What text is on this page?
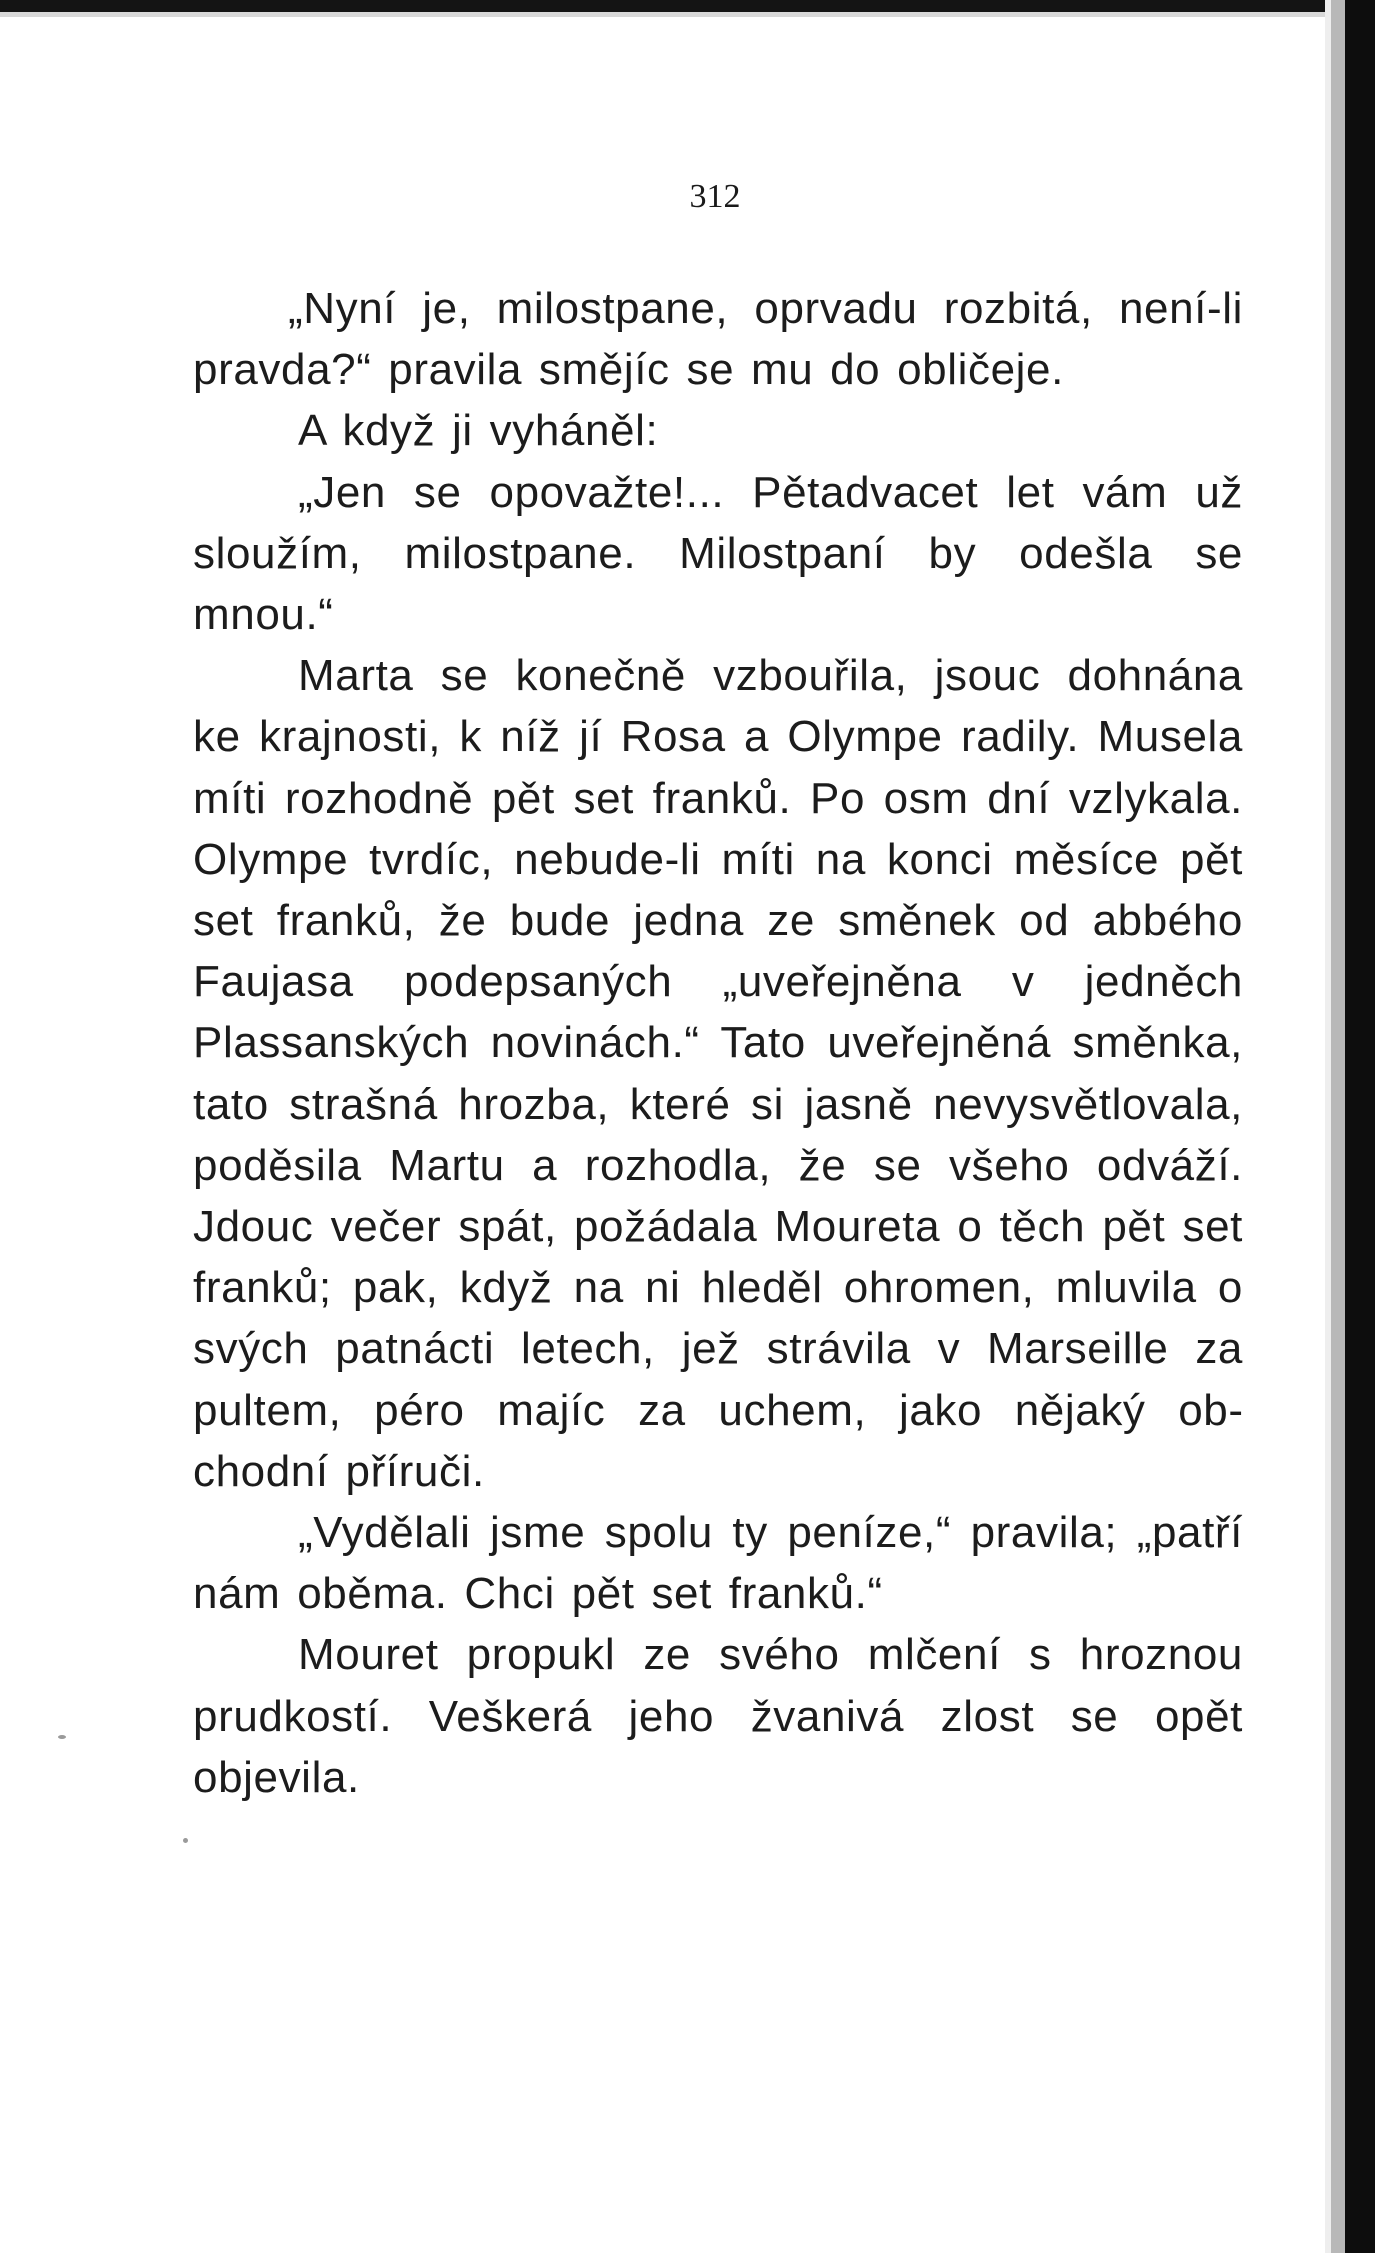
312

„Nyní je, milostpane, oprvadu rozbitá, není-li pravda?“ pravila smějíc se mu do obličeje.

A když ji vyháněl:

„Jen se opovažte!... Pětadvacet let vám už sloužím, milostpane. Milostpaní by odešla se mnou.“

Marta se konečně vzbouřila, jsouc dohnána ke krajnosti, k níž jí Rosa a Olympe radily. Musela míti rozhodně pět set franků. Po osm dní vzlykala. Olympe tvrdíc, nebude-li míti na konci měsíce pět set franků, že bude jedna ze směnek od abbého Faujasa podepsaných „uveřejněna v jedněch Plassanských novinách.“ Tato uveřejněná směnka, tato strašná hrozba, které si jasně nevysvětlovala, poděsila Martu a rozhodla, že se všeho odváží. Jdouc večer spát, požádala Moureta o těch pět set franků; pak, když na ni hleděl ohromen, mluvila o svých patnácti letech, jež strávila v Marseille za pultem, péro majíc za uchem, jako nějaký obchodní příruči.

„Vydělali jsme spolu ty peníze,“ pravila; „patří nám oběma. Chci pět set franků.“

Mouret propukl ze svého mlčení s hroznou prudkostí. Veškerá jeho žvanivá zlost se opět objevila.
